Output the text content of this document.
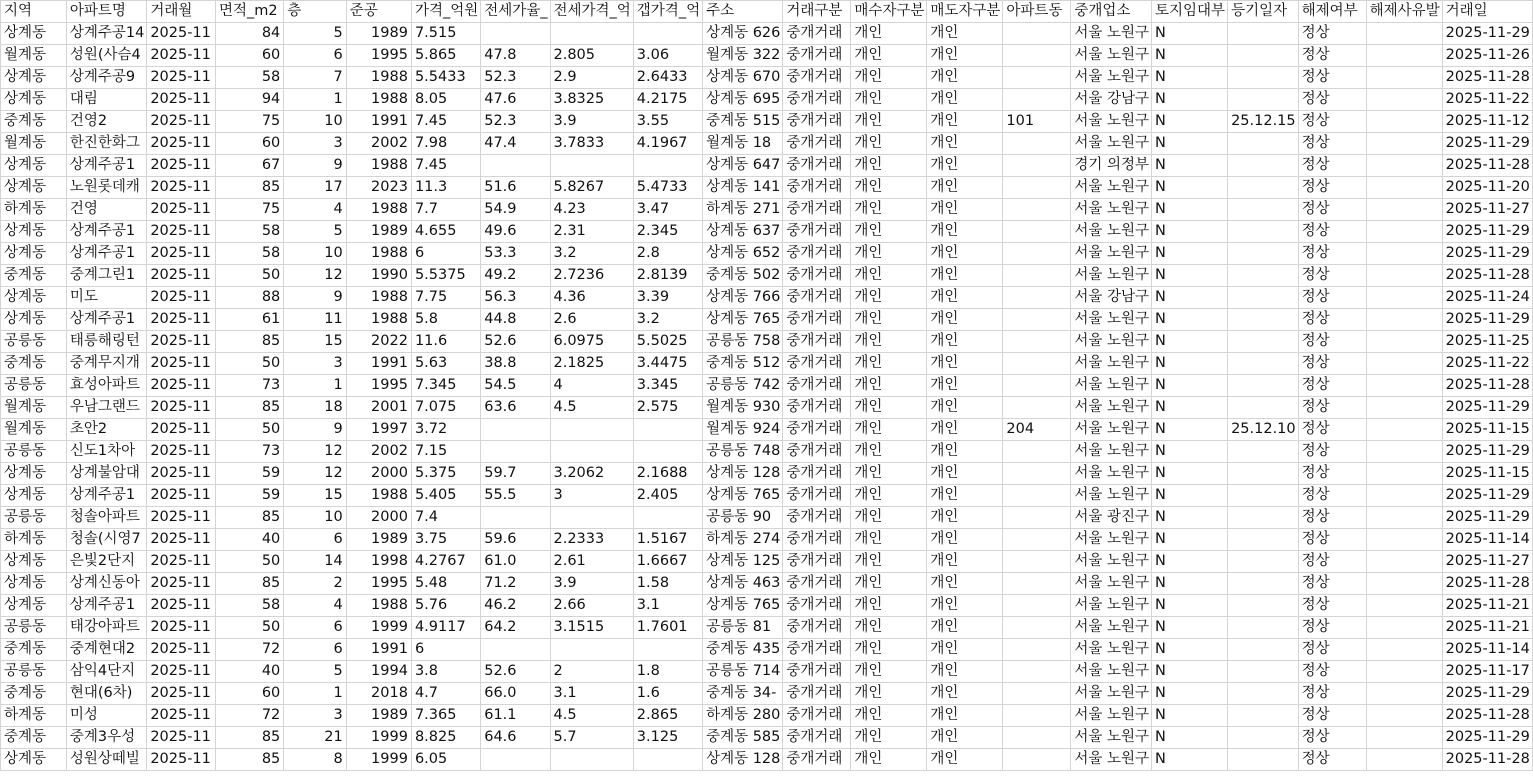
지역	아파트명	거래월	면적_m2	층	준공	가격_억원	전세가율_	전세가격_억	갭가격_억	주소	거래구분	매수자구분	매도자구분	아파트동	중개업소	토지임대부	등기일자	해제여부	해제사유발	거래일
상계동	상계주공14	2025-11	84	5	1989	7.515				상계동 626	중개거래	개인	개인		서울 노원구	N		정상		2025-11-29
월계동	성원(사슴4	2025-11	60	6	1995	5.865	47.8	2.805	3.06	월계동 322	중개거래	개인	개인		서울 노원구	N		정상		2025-11-26
상계동	상계주공9	2025-11	58	7	1988	5.5433	52.3	2.9	2.6433	상계동 670	중개거래	개인	개인		서울 노원구	N		정상		2025-11-28
상계동	대림	2025-11	94	1	1988	8.05	47.6	3.8325	4.2175	상계동 695	중개거래	개인	개인		서울 강남구	N		정상		2025-11-22
중계동	건영2	2025-11	75	10	1991	7.45	52.3	3.9	3.55	중계동 515	중개거래	개인	개인	101	서울 노원구	N	25.12.15	정상		2025-11-12
월계동	한진한화그	2025-11	60	3	2002	7.98	47.4	3.7833	4.1967	월계동 18	중개거래	개인	개인		서울 노원구	N		정상		2025-11-29
상계동	상계주공1	2025-11	67	9	1988	7.45				상계동 647	중개거래	개인	개인		경기 의정부	N		정상		2025-11-28
상계동	노원롯데캐	2025-11	85	17	2023	11.3	51.6	5.8267	5.4733	상계동 141	중개거래	개인	개인		서울 노원구	N		정상		2025-11-20
하계동	건영	2025-11	75	4	1988	7.7	54.9	4.23	3.47	하계동 271	중개거래	개인	개인		서울 노원구	N		정상		2025-11-27
상계동	상계주공1	2025-11	58	5	1989	4.655	49.6	2.31	2.345	상계동 637	중개거래	개인	개인		서울 노원구	N		정상		2025-11-29
상계동	상계주공1	2025-11	58	10	1988	6	53.3	3.2	2.8	상계동 652	중개거래	개인	개인		서울 노원구	N		정상		2025-11-29
중계동	중계그린1	2025-11	50	12	1990	5.5375	49.2	2.7236	2.8139	중계동 502	중개거래	개인	개인		서울 노원구	N		정상		2025-11-28
상계동	미도	2025-11	88	9	1988	7.75	56.3	4.36	3.39	상계동 766	중개거래	개인	개인		서울 강남구	N		정상		2025-11-24
상계동	상계주공1	2025-11	61	11	1988	5.8	44.8	2.6	3.2	상계동 765	중개거래	개인	개인		서울 노원구	N		정상		2025-11-29
공릉동	태릉해링턴	2025-11	85	15	2022	11.6	52.6	6.0975	5.5025	공릉동 758	중개거래	개인	개인		서울 노원구	N		정상		2025-11-25
중계동	중계무지개	2025-11	50	3	1991	5.63	38.8	2.1825	3.4475	중계동 512	중개거래	개인	개인		서울 노원구	N		정상		2025-11-22
공릉동	효성아파트	2025-11	73	1	1995	7.345	54.5	4	3.345	공릉동 742	중개거래	개인	개인		서울 노원구	N		정상		2025-11-28
월계동	우남그랜드	2025-11	85	18	2001	7.075	63.6	4.5	2.575	월계동 930	중개거래	개인	개인		서울 노원구	N		정상		2025-11-29
월계동	초안2	2025-11	50	9	1997	3.72				월계동 924	중개거래	개인	개인	204	서울 노원구	N	25.12.10	정상		2025-11-15
공릉동	신도1차아	2025-11	73	12	2002	7.15				공릉동 748	중개거래	개인	개인		서울 노원구	N		정상		2025-11-29
상계동	상계불암대	2025-11	59	12	2000	5.375	59.7	3.2062	2.1688	상계동 128	중개거래	개인	개인		서울 노원구	N		정상		2025-11-15
상계동	상계주공1	2025-11	59	15	1988	5.405	55.5	3	2.405	상계동 765	중개거래	개인	개인		서울 노원구	N		정상		2025-11-29
공릉동	청솔아파트	2025-11	85	10	2000	7.4				공릉동 90	중개거래	개인	개인		서울 광진구	N		정상		2025-11-29
하계동	청솔(시영7	2025-11	40	6	1989	3.75	59.6	2.2333	1.5167	하계동 274	중개거래	개인	개인		서울 노원구	N		정상		2025-11-14
상계동	은빛2단지	2025-11	50	14	1998	4.2767	61.0	2.61	1.6667	상계동 125	중개거래	개인	개인		서울 노원구	N		정상		2025-11-27
상계동	상계신동아	2025-11	85	2	1995	5.48	71.2	3.9	1.58	상계동 463	중개거래	개인	개인		서울 노원구	N		정상		2025-11-28
상계동	상계주공1	2025-11	58	4	1988	5.76	46.2	2.66	3.1	상계동 765	중개거래	개인	개인		서울 노원구	N		정상		2025-11-21
공릉동	태강아파트	2025-11	50	6	1999	4.9117	64.2	3.1515	1.7601	공릉동 81	중개거래	개인	개인		서울 노원구	N		정상		2025-11-21
중계동	중계현대2	2025-11	72	6	1991	6				중계동 435	중개거래	개인	개인		서울 노원구	N		정상		2025-11-14
공릉동	삼익4단지	2025-11	40	5	1994	3.8	52.6	2	1.8	공릉동 714	중개거래	개인	개인		서울 노원구	N		정상		2025-11-17
중계동	현대(6차)	2025-11	60	1	2018	4.7	66.0	3.1	1.6	중계동 34-	중개거래	개인	개인		서울 노원구	N		정상		2025-11-29
하계동	미성	2025-11	72	3	1989	7.365	61.1	4.5	2.865	하계동 280	중개거래	개인	개인		서울 노원구	N		정상		2025-11-28
중계동	중계3우성	2025-11	85	21	1999	8.825	64.6	5.7	3.125	중계동 585	중개거래	개인	개인		서울 노원구	N		정상		2025-11-29
상계동	성원상떼빌	2025-11	85	8	1999	6.05				상계동 128	중개거래	개인	개인		서울 노원구	N		정상		2025-11-28
